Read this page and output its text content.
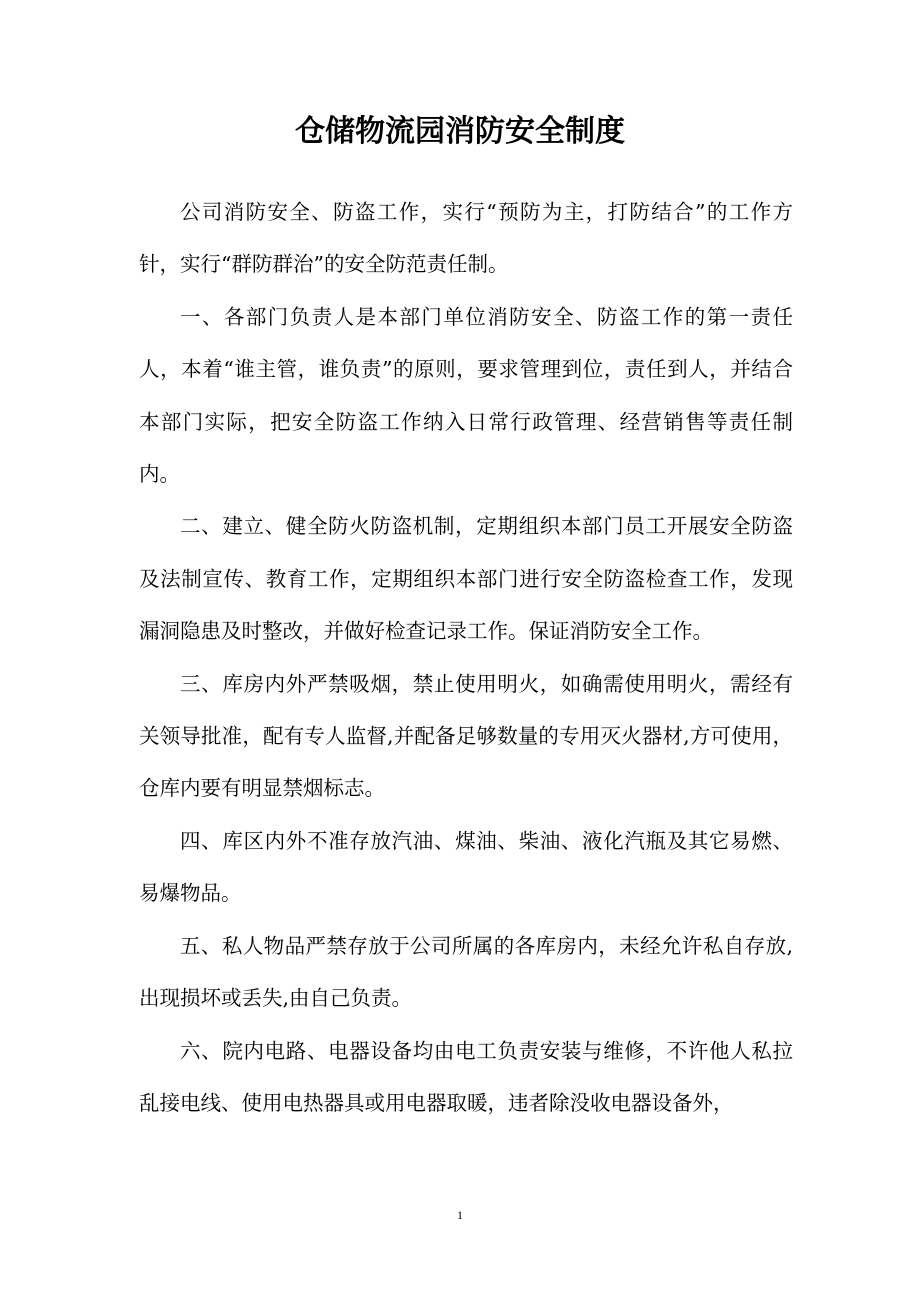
仓储物流园消防安全制度

公司消防安全、防盗工作，实行“预防为主，打防结合”的工作方针，实行“群防群治”的安全防范责任制。

一、各部门负责人是本部门单位消防安全、防盗工作的第一责任人，本着“谁主管，谁负责”的原则，要求管理到位，责任到人，并结合本部门实际，把安全防盗工作纳入日常行政管理、经营销售等责任制内。

二、建立、健全防火防盗机制，定期组织本部门员工开展安全防盗及法制宣传、教育工作，定期组织本部门进行安全防盗检查工作，发现漏洞隐患及时整改，并做好检查记录工作。保证消防安全工作。

三、库房内外严禁吸烟，禁止使用明火，如确需使用明火，需经有关领导批准，配有专人监督,并配备足够数量的专用灭火器材,方可使用，仓库内要有明显禁烟标志。

四、库区内外不准存放汽油、煤油、柴油、液化汽瓶及其它易燃、易爆物品。

五、私人物品严禁存放于公司所属的各库房内，未经允许私自存放,出现损坏或丢失,由自己负责。

六、院内电路、电器设备均由电工负责安装与维修，不许他人私拉乱接电线、使用电热器具或用电器取暖，违者除没收电器设备外，

1
